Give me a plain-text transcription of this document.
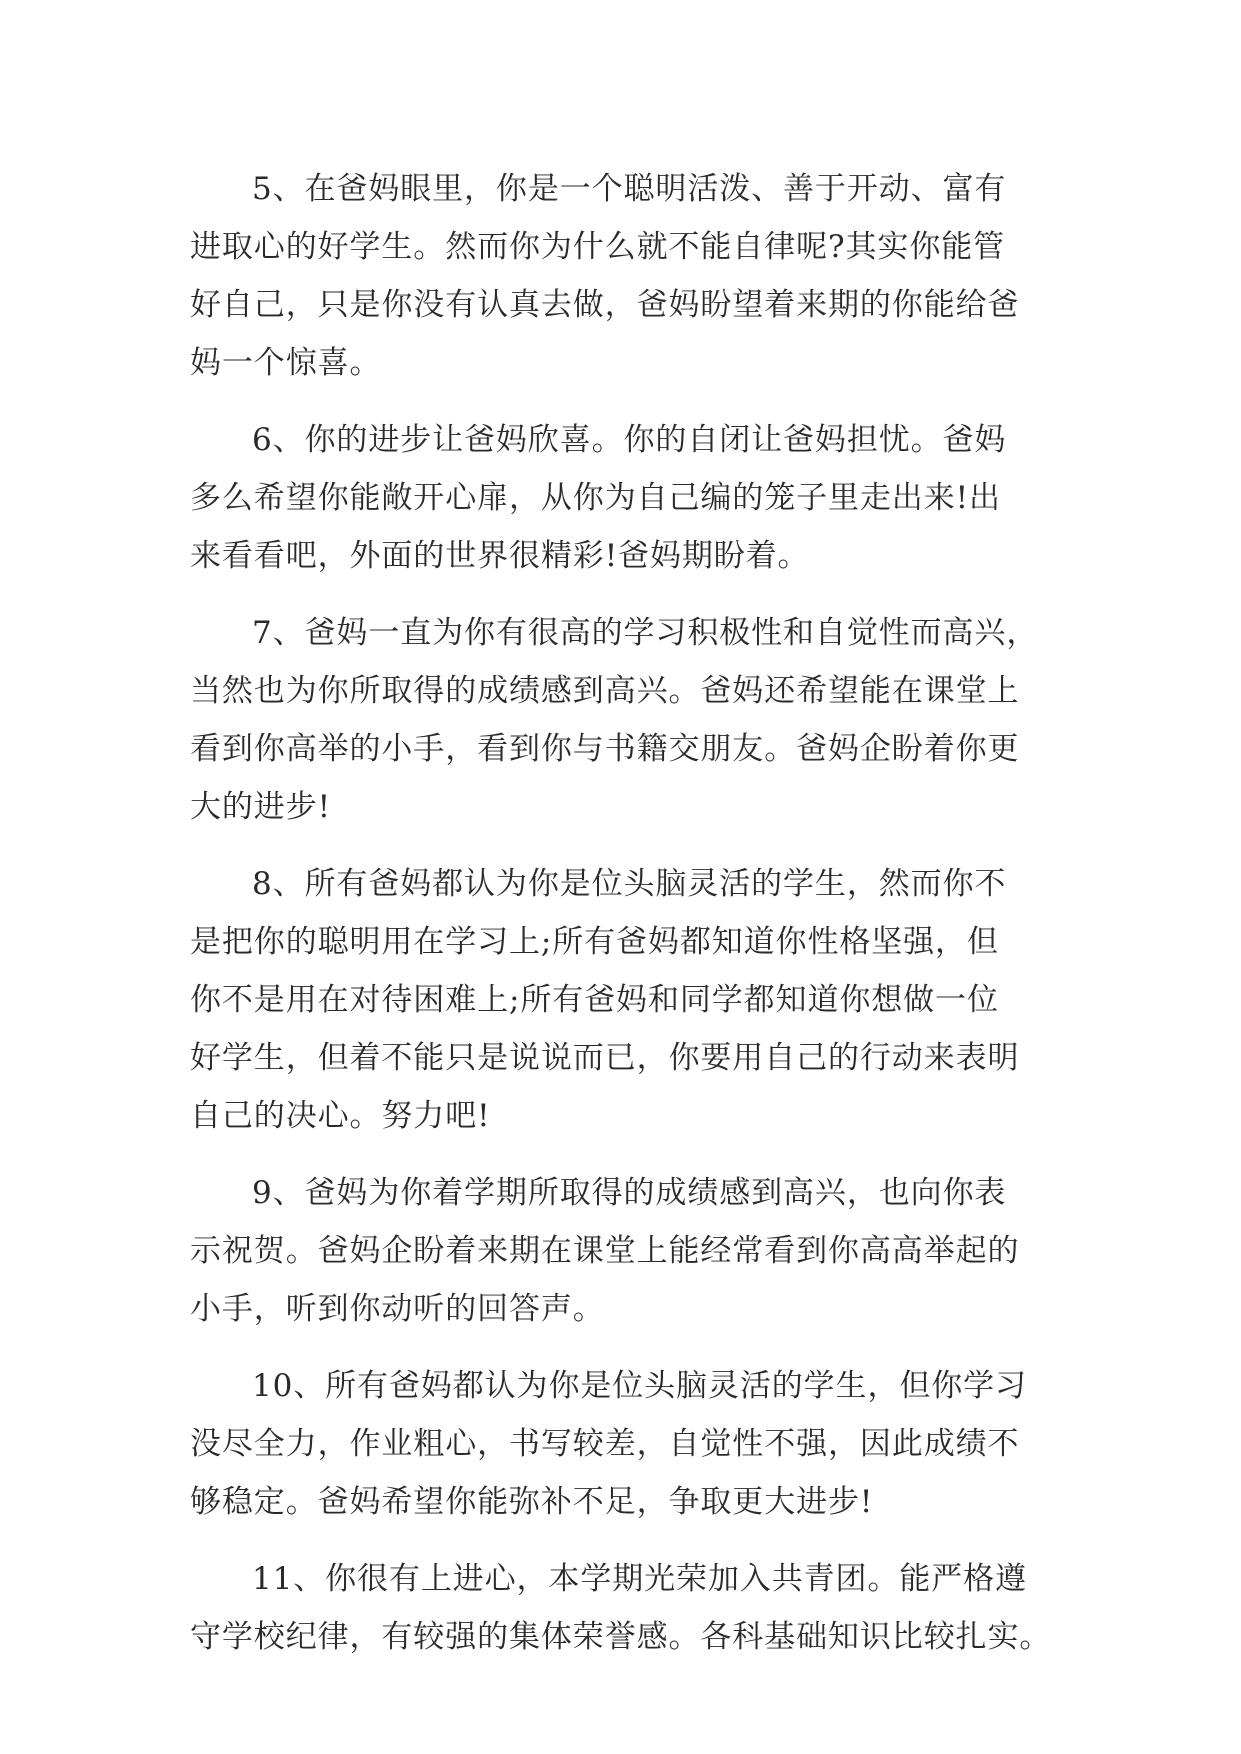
5、在爸妈眼里，你是一个聪明活泼、善于开动、富有
进取心的好学生。然而你为什么就不能自律呢?其实你能管
好自己，只是你没有认真去做，爸妈盼望着来期的你能给爸
妈一个惊喜。

6、你的进步让爸妈欣喜。你的自闭让爸妈担忧。爸妈
多么希望你能敞开心扉，从你为自己编的笼子里走出来!出
来看看吧，外面的世界很精彩!爸妈期盼着。

7、爸妈一直为你有很高的学习积极性和自觉性而高兴，
当然也为你所取得的成绩感到高兴。爸妈还希望能在课堂上
看到你高举的小手，看到你与书籍交朋友。爸妈企盼着你更
大的进步!

8、所有爸妈都认为你是位头脑灵活的学生，然而你不
是把你的聪明用在学习上;所有爸妈都知道你性格坚强，但
你不是用在对待困难上;所有爸妈和同学都知道你想做一位
好学生，但着不能只是说说而已，你要用自己的行动来表明
自己的决心。努力吧!

9、爸妈为你着学期所取得的成绩感到高兴，也向你表
示祝贺。爸妈企盼着来期在课堂上能经常看到你高高举起的
小手，听到你动听的回答声。

10、所有爸妈都认为你是位头脑灵活的学生，但你学习
没尽全力，作业粗心，书写较差，自觉性不强，因此成绩不
够稳定。爸妈希望你能弥补不足，争取更大进步!

11、你很有上进心，本学期光荣加入共青团。能严格遵
守学校纪律，有较强的集体荣誉感。各科基础知识比较扎实。
